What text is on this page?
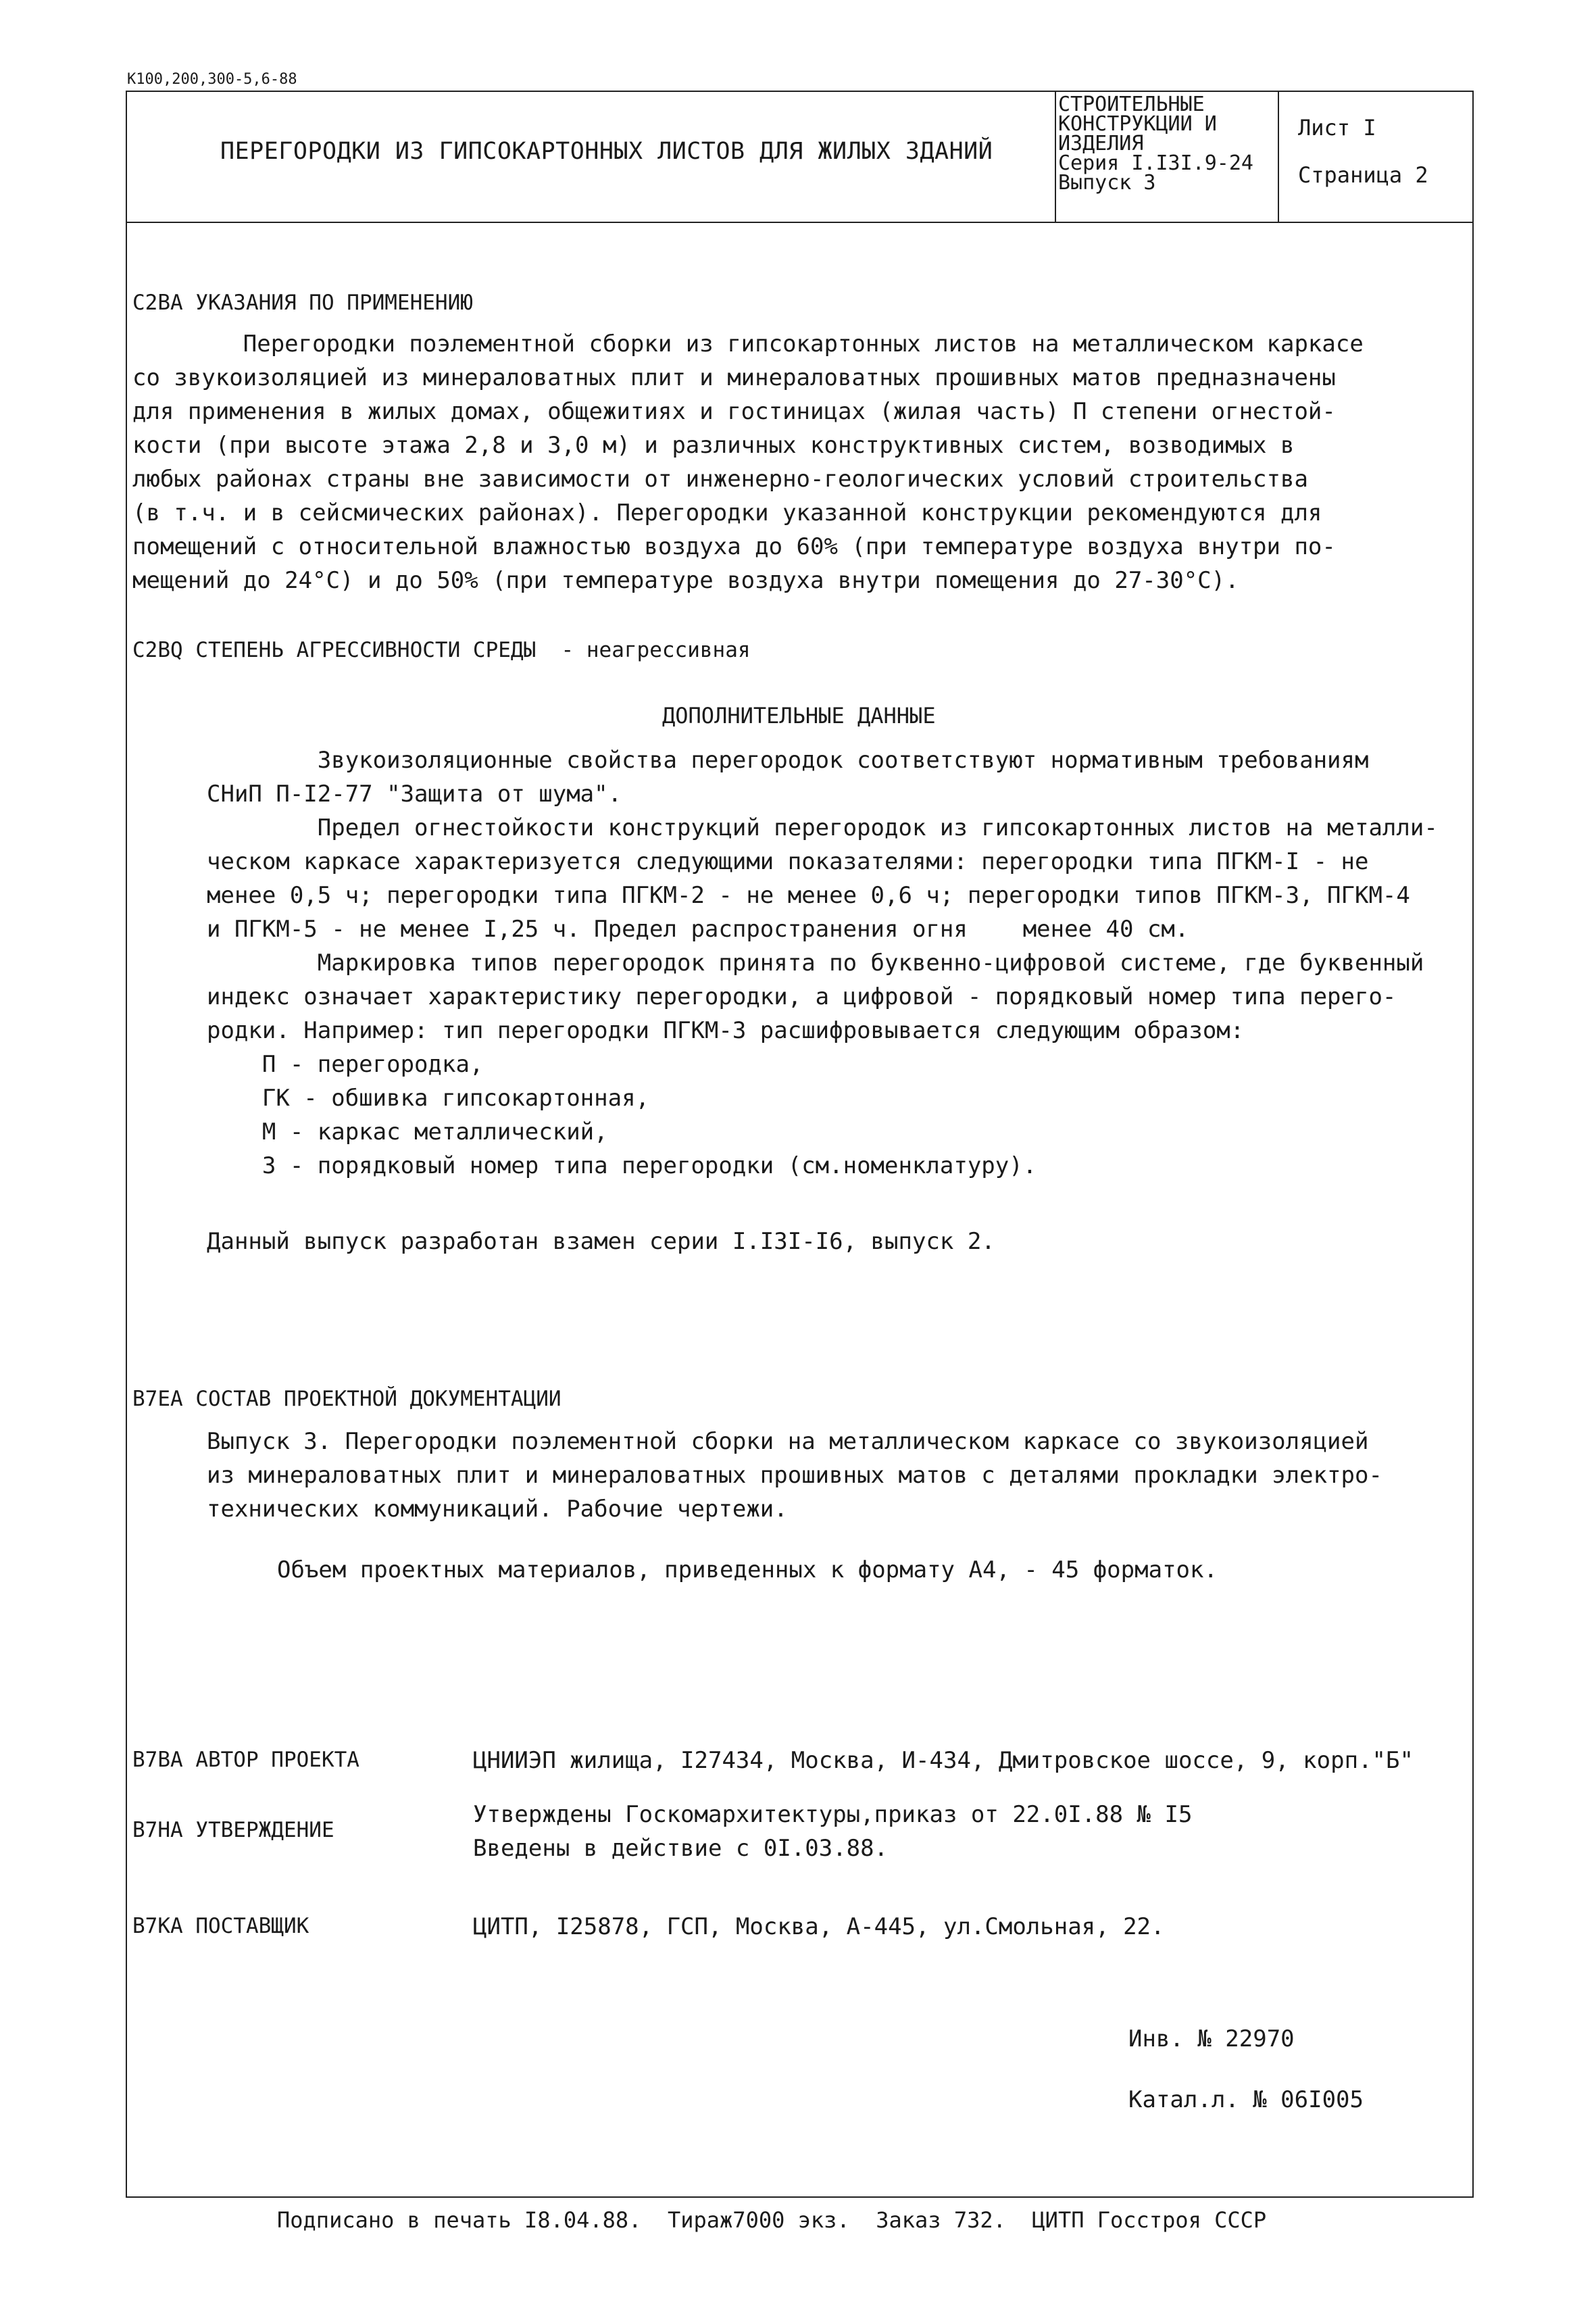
К100,200,300-5,6-88
ПЕРЕГОРОДКИ ИЗ ГИПСОКАРТОННЫХ ЛИСТОВ ДЛЯ ЖИЛЫХ ЗДАНИЙ
СТРОИТЕЛЬНЫЕ
КОНСТРУКЦИИ И
ИЗДЕЛИЯ
Серия I.I3I.9-24
Выпуск 3
Лист I
Страница 2
С2ВА УКАЗАНИЯ ПО ПРИМЕНЕНИЮ
Перегородки поэлементной сборки из гипсокартонных листов на металлическом каркасе
со звукоизоляцией из минераловатных плит и минераловатных прошивных матов предназначены
для применения в жилых домах, общежитиях и гостиницах (жилая часть) П степени огнестой-
кости (при высоте этажа 2,8 и 3,0 м) и различных конструктивных систем, возводимых в
любых районах страны вне зависимости от инженерно-геологических условий строительства
(в т.ч. и в сейсмических районах). Перегородки указанной конструкции рекомендуются для
помещений с относительной влажностью воздуха до 60% (при температуре воздуха внутри по-
мещений до 24°С) и до 50% (при температуре воздуха внутри помещения до 27-30°С).
С2ВQ СТЕПЕНЬ АГРЕССИВНОСТИ СРЕДЫ  - неагрессивная
ДОПОЛНИТЕЛЬНЫЕ ДАННЫЕ
Звукоизоляционные свойства перегородок соответствуют нормативным требованиям
СНиП П-I2-77 "Защита от шума".
Предел огнестойкости конструкций перегородок из гипсокартонных листов на металли-
ческом каркасе характеризуется следующими показателями: перегородки типа ПГКМ-I - не
менее 0,5 ч; перегородки типа ПГКМ-2 - не менее 0,6 ч; перегородки типов ПГКМ-3, ПГКМ-4
и ПГКМ-5 - не менее I,25 ч. Предел распространения огня    менее 40 см.
Маркировка типов перегородок принята по буквенно-цифровой системе, где буквенный
индекс означает характеристику перегородки, а цифровой - порядковый номер типа перего-
родки. Например: тип перегородки ПГКМ-3 расшифровывается следующим образом:
П - перегородка,
ГК - обшивка гипсокартонная,
М - каркас металлический,
3 - порядковый номер типа перегородки (см.номенклатуру).
Данный выпуск разработан взамен серии I.I3I-I6, выпуск 2.
В7ЕА СОСТАВ ПРОЕКТНОЙ ДОКУМЕНТАЦИИ
Выпуск 3. Перегородки поэлементной сборки на металлическом каркасе со звукоизоляцией
из минераловатных плит и минераловатных прошивных матов с деталями прокладки электро-
технических коммуникаций. Рабочие чертежи.
Объем проектных материалов, приведенных к формату А4, - 45 форматок.
В7ВА АВТОР ПРОЕКТА	ЦНИИЭП жилища, I27434, Москва, И-434, Дмитровское шоссе, 9, корп."Б"
В7НА УТВЕРЖДЕНИЕ
Утверждены Госкомархитектуры,приказ от 22.0I.88 № I5
Введены в действие с 0I.03.88.
В7КА ПОСТАВЩИК	ЦИТП, I25878, ГСП, Москва, А-445, ул.Смольная, 22.
Инв. № 22970
Катал.л. № 06I005
Подписано в печать I8.04.88.  Тираж7000 экз.  Заказ 732.  ЦИТП Госстроя СССР
